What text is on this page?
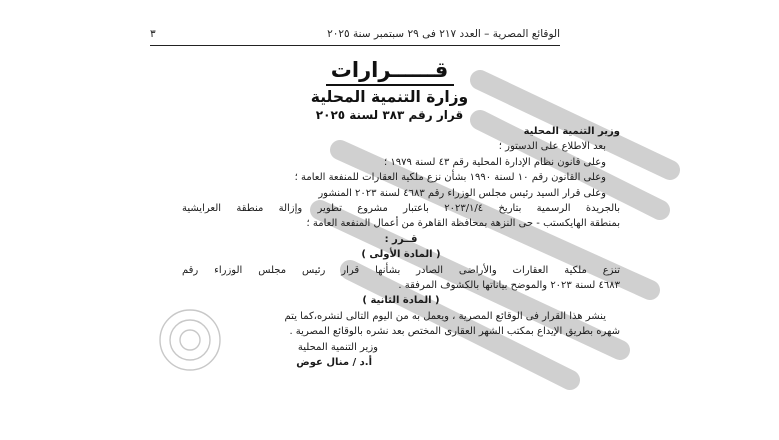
الوقائع المصرية – العدد ٢١٧ فى ٢٩ سبتمبر سنة ٢٠٢٥
٣
قــــــرارات
وزارة التنمية المحلية
قرار رقم ٣٨٣ لسنة ٢٠٢٥

وزير التنمية المحلية

بعد الاطلاع على الدستور ؛

وعلى قانون نظام الإدارة المحلية رقم ٤٣ لسنة ١٩٧٩ ؛

وعلى القانون رقم ١٠ لسنة ١٩٩٠ بشأن نزع ملكية العقارات للمنفعة العامة ؛

وعلى قرار السيد رئيس مجلس الوزراء رقم ٤٦٨٣ لسنة ٢٠٢٣ المنشور

بالجريدة الرسمية بتاريخ ٢٠٢٣/١/٤ باعتبار مشروع تطوير وإزالة منطقة العرايشية

بمنطقة الهايكستب - حى النزهة بمحافظة القاهرة من أعمال المنفعة العامة ؛

قــرر :

( المادة الأولى )

تنزع ملكية العقارات والأراضى الصادر بشأنها قرار رئيس مجلس الوزراء رقم

٤٦٨٣ لسنة ٢٠٢٣ والموضح بياناتها بالكشوف المرفقة .

( المادة الثانية )

ينشر هذا القرار فى الوقائع المصرية ، ويعمل به من اليوم التالى لنشره،كما يتم

شهره بطريق الإيداع بمكتب الشهر العقارى المختص بعد نشره بالوقائع المصرية .

وزير التنمية المحلية

أ.د / منال عوض
